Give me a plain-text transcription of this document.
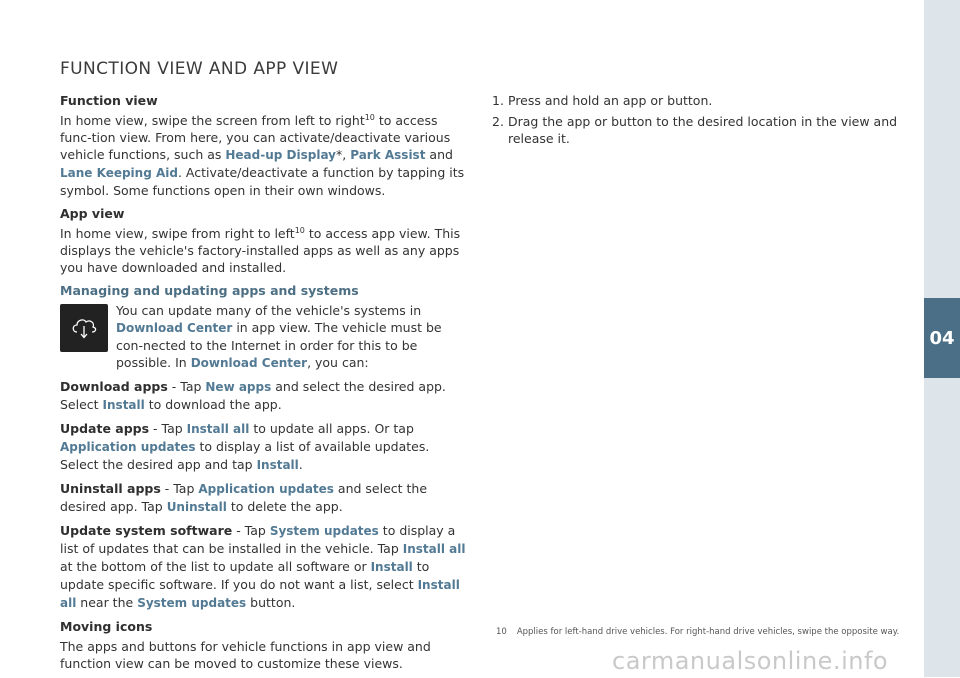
FUNCTION VIEW AND APP VIEW
Function view

In home view, swipe the screen from left to right$^{10}$ to access func-tion view. From here, you can activate/deactivate various vehicle functions, such as Head-up Display*, Park Assist and Lane Keeping Aid. Activate/deactivate a function by tapping its symbol. Some functions open in their own windows.

App view

In home view, swipe from right to left$^{10}$ to access app view. This displays the vehicle's factory-installed apps as well as any apps you have downloaded and installed.

Managing and updating apps and systems
You can update many of the vehicle's systems in Download Center in app view. The vehicle must be con-nected to the Internet in order for this to be possible. In Download Center, you can:

Download apps - Tap New apps and select the desired app. Select Install to download the app.

Update apps - Tap Install all to update all apps. Or tap Application updates to display a list of available updates. Select the desired app and tap Install.

Uninstall apps - Tap Application updates and select the desired app. Tap Uninstall to delete the app.

Update system software - Tap System updates to display a list of updates that can be installed in the vehicle. Tap Install all at the bottom of the list to update all software or Install to update specific software. If you do not want a list, select Install all near the System updates button.

Moving icons

The apps and buttons for vehicle functions in app view and function view can be moved to customize these views.

1. Press and hold an app or button.
2. Drag the app or button to the desired location in the view and release it.
10 Applies for left-hand drive vehicles. For right-hand drive vehicles, swipe the opposite way.
04
carmanualsonline.info
